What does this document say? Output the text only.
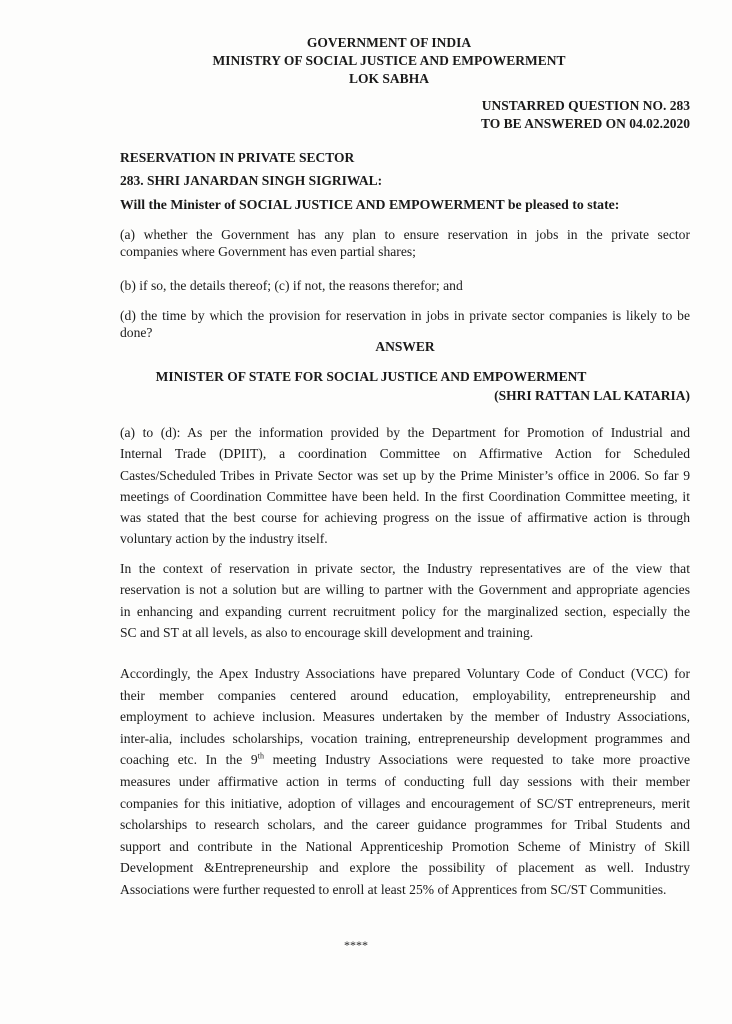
GOVERNMENT OF INDIA
MINISTRY OF SOCIAL JUSTICE AND EMPOWERMENT
LOK SABHA
UNSTARRED QUESTION NO. 283
TO BE ANSWERED ON 04.02.2020
RESERVATION IN PRIVATE SECTOR
283. SHRI JANARDAN SINGH SIGRIWAL:
Will the Minister of SOCIAL JUSTICE AND EMPOWERMENT be pleased to state:
(a) whether the Government has any plan to ensure reservation in jobs in the private sector
companies where Government has even partial shares;
(b) if so, the details thereof; (c) if not, the reasons therefor; and
(d) the time by which the provision for reservation in jobs in private sector companies is likely to be
done?
ANSWER
MINISTER OF STATE FOR SOCIAL JUSTICE AND EMPOWERMENT
(SHRI RATTAN LAL KATARIA)
(a) to (d): As per the information provided by the Department for Promotion of Industrial and
Internal Trade (DPIIT), a coordination Committee on Affirmative Action for Scheduled
Castes/Scheduled Tribes in Private Sector was set up by the Prime Minister’s office in 2006. So far 9
meetings of Coordination Committee have been held. In the first Coordination Committee meeting, it
was stated that the best course for achieving progress on the issue of affirmative action is through
voluntary action by the industry itself.
In the context of reservation in private sector, the Industry representatives are of the view that
reservation is not a solution but are willing to partner with the Government and appropriate agencies
in enhancing and expanding current recruitment policy for the marginalized section, especially the
SC and ST at all levels, as also to encourage skill development and training.
Accordingly, the Apex Industry Associations have prepared Voluntary Code of Conduct (VCC) for
their member companies centered around education, employability, entrepreneurship and
employment to achieve inclusion. Measures undertaken by the member of Industry Associations,
inter-alia, includes scholarships, vocation training, entrepreneurship development programmes and
coaching etc. In the 9th meeting Industry Associations were requested to take more proactive
measures under affirmative action in terms of conducting full day sessions with their member
companies for this initiative, adoption of villages and encouragement of SC/ST entrepreneurs, merit
scholarships to research scholars, and the career guidance programmes for Tribal Students and
support and contribute in the National Apprenticeship Promotion Scheme of Ministry of Skill
Development &Entrepreneurship and explore the possibility of placement as well. Industry
Associations were further requested to enroll at least 25% of Apprentices from SC/ST Communities.
****
